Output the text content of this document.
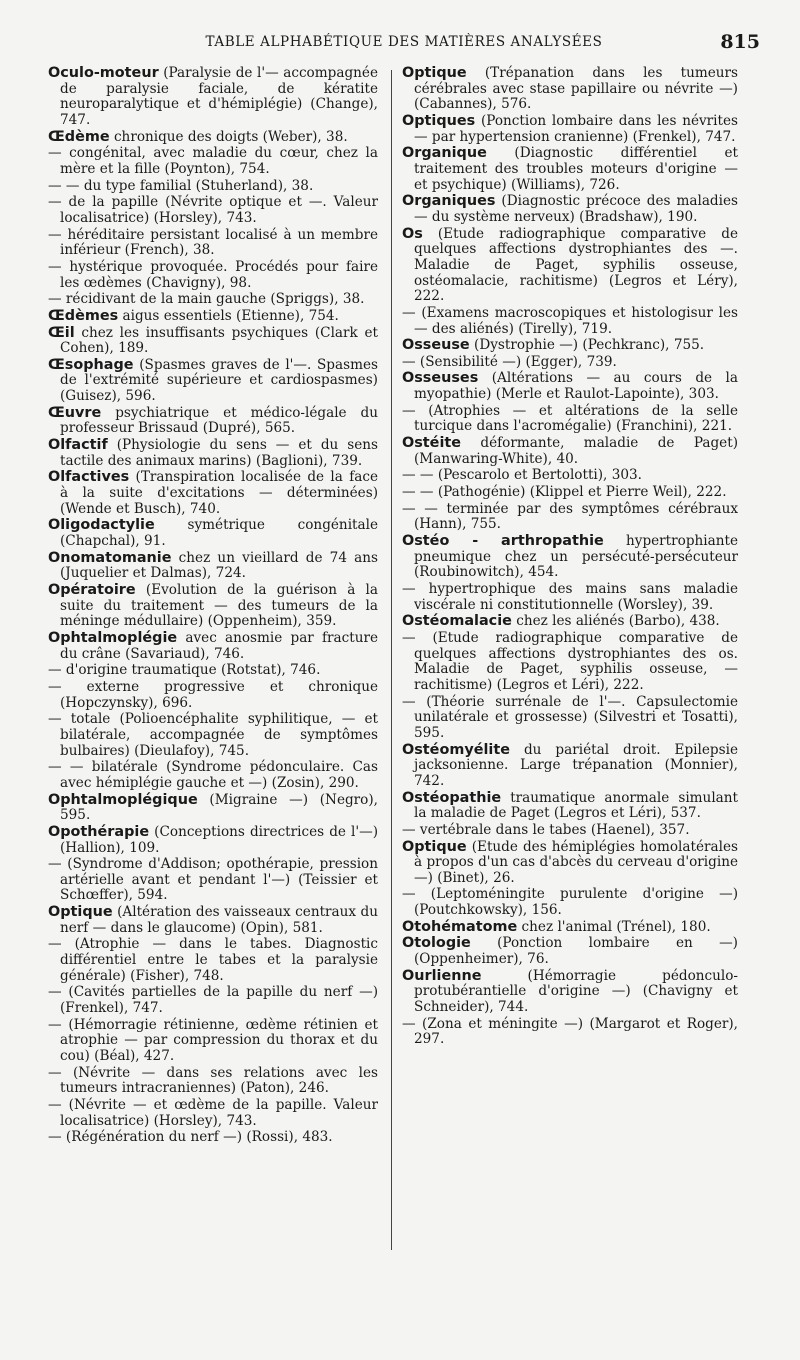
TABLE ALPHABÉTIQUE DES MATIÈRES ANALYSÉES	815

Oculo-moteur (Paralysie de l'— accompagnée de paralysie faciale, de kératite neuroparalytique et d'hémiplégie) (Change), 747.

Œdème chronique des doigts (Weber), 38.

— congénital, avec maladie du cœur, chez la mère et la fille (Poynton), 754.

— — du type familial (Stuherland), 38.

— de la papille (Névrite optique et —. Valeur localisatrice) (Horsley), 743.

— héréditaire persistant localisé à un membre inférieur (French), 38.

— hystérique provoquée. Procédés pour faire les œdèmes (Chavigny), 98.

— récidivant de la main gauche (Spriggs), 38.

Œdèmes aigus essentiels (Etienne), 754.

Œil chez les insuffisants psychiques (Clark et Cohen), 189.

Œsophage (Spasmes graves de l'—. Spasmes de l'extrémité supérieure et cardiospasmes) (Guisez), 596.

Œuvre psychiatrique et médico-légale du professeur Brissaud (Dupré), 565.

Olfactif (Physiologie du sens — et du sens tactile des animaux marins) (Baglioni), 739.

Olfactives (Transpiration localisée de la face à la suite d'excitations — déterminées) (Wende et Busch), 740.

Oligodactylie symétrique congénitale (Chapchal), 91.

Onomatomanie chez un vieillard de 74 ans (Juquelier et Dalmas), 724.

Opératoire (Evolution de la guérison à la suite du traitement — des tumeurs de la méninge médullaire) (Oppenheim), 359.

Ophtalmoplégie avec anosmie par fracture du crâne (Savariaud), 746.

— d'origine traumatique (Rotstat), 746.

— externe progressive et chronique (Hopczynsky), 696.

— totale (Polioencéphalite syphilitique, — et bilatérale, accompagnée de symptômes bulbaires) (Dieulafoy), 745.

— — bilatérale (Syndrome pédonculaire. Cas avec hémiplégie gauche et —) (Zosin), 290.

Ophtalmoplégique (Migraine —) (Negro), 595.

Opothérapie (Conceptions directrices de l'—) (Hallion), 109.

— (Syndrome d'Addison; opothérapie, pression artérielle avant et pendant l'—) (Teissier et Schœffer), 594.

Optique (Altération des vaisseaux centraux du nerf — dans le glaucome) (Opin), 581.

— (Atrophie — dans le tabes. Diagnostic différentiel entre le tabes et la paralysie générale) (Fisher), 748.

— (Cavités partielles de la papille du nerf —) (Frenkel), 747.

— (Hémorragie rétinienne, œdème rétinien et atrophie — par compression du thorax et du cou) (Béal), 427.

— (Névrite — dans ses relations avec les tumeurs intracraniennes) (Paton), 246.

— (Névrite — et œdème de la papille. Valeur localisatrice) (Horsley), 743.

— (Régénération du nerf —) (Rossi), 483.

Optique (Trépanation dans les tumeurs cérébrales avec stase papillaire ou névrite —) (Cabannes), 576.

Optiques (Ponction lombaire dans les névrites — par hypertension cranienne) (Frenkel), 747.

Organique (Diagnostic différentiel et traitement des troubles moteurs d'origine — et psychique) (Williams), 726.

Organiques (Diagnostic précoce des maladies— du système nerveux) (Bradshaw), 190.

Os (Etude radiographique comparative de quelques affections dystrophiantes des —. Maladie de Paget, syphilis osseuse, ostéomalacie, rachitisme) (Legros et Léry), 222.

— (Examens macroscopiques et histologisur les — des aliénés) (Tirelly), 719.

Osseuse (Dystrophie —) (Pechkranc), 755.

— (Sensibilité —) (Egger), 739.

Osseuses (Altérations — au cours de la myopathie) (Merle et Raulot-Lapointe), 303.

— (Atrophies — et altérations de la selle turcique dans l'acromégalie) (Franchini), 221.

Ostéite déformante, maladie de Paget) (Manwaring-White), 40.

— — (Pescarolo et Bertolotti), 303.

— — (Pathogénie) (Klippel et Pierre Weil), 222.

— — terminée par des symptômes cérébraux (Hann), 755.

Ostéo - arthropathie hypertrophiante pneumique chez un persécuté-persécuteur (Roubinowitch), 454.

— hypertrophique des mains sans maladie viscérale ni constitutionnelle (Worsley), 39.

Ostéomalacie chez les aliénés (Barbo), 438.

— (Etude radiographique comparative de quelques affections dystrophiantes des os. Maladie de Paget, syphilis osseuse, — rachitisme) (Legros et Léri), 222.

— (Théorie surrénale de l'—. Capsulectomie unilatérale et grossesse) (Silvestri et Tosatti), 595.

Ostéomyélite du pariétal droit. Epilepsie jacksonienne. Large trépanation (Monnier), 742.

Ostéopathie traumatique anormale simulant la maladie de Paget (Legros et Léri), 537.

— vertébrale dans le tabes (Haenel), 357.

Optique (Etude des hémiplégies homolatérales à propos d'un cas d'abcès du cerveau d'origine —) (Binet), 26.

— (Leptoméningite purulente d'origine —) (Poutchkowsky), 156.

Otohématome chez l'animal (Trénel), 180.

Otologie (Ponction lombaire en —) (Oppenheimer), 76.

Ourlienne (Hémorragie pédonculo-protubérantielle d'origine —) (Chavigny et Schneider), 744.

— (Zona et méningite —) (Margarot et Roger), 297.
